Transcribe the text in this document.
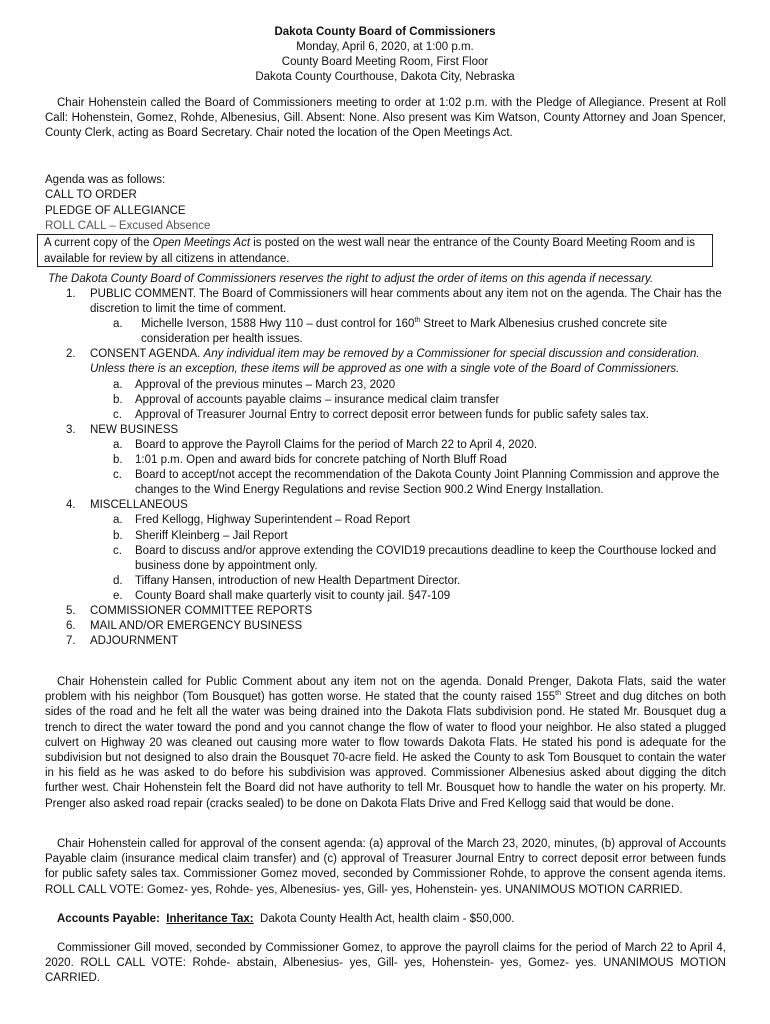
Dakota County Board of Commissioners
Monday, April 6, 2020, at 1:00 p.m.
County Board Meeting Room, First Floor
Dakota County Courthouse, Dakota City, Nebraska

Chair Hohenstein called the Board of Commissioners meeting to order at 1:02 p.m. with the Pledge of Allegiance. Present at Roll Call: Hohenstein, Gomez, Rohde, Albenesius, Gill. Absent: None. Also present was Kim Watson, County Attorney and Joan Spencer, County Clerk, acting as Board Secretary. Chair noted the location of the Open Meetings Act.

Agenda was as follows:
CALL TO ORDER
PLEDGE OF ALLEGIANCE
ROLL CALL – Excused Absence
A current copy of the Open Meetings Act is posted on the west wall near the entrance of the County Board Meeting Room and is available for review by all citizens in attendance.
The Dakota County Board of Commissioners reserves the right to adjust the order of items on this agenda if necessary.
1. PUBLIC COMMENT. The Board of Commissioners will hear comments about any item not on the agenda. The Chair has the discretion to limit the time of comment.
a. Michelle Iverson, 1588 Hwy 110 – dust control for 160th Street to Mark Albenesius crushed concrete site consideration per health issues.
2. CONSENT AGENDA. Any individual item may be removed by a Commissioner for special discussion and consideration. Unless there is an exception, these items will be approved as one with a single vote of the Board of Commissioners.
a. Approval of the previous minutes – March 23, 2020
b. Approval of accounts payable claims – insurance medical claim transfer
c. Approval of Treasurer Journal Entry to correct deposit error between funds for public safety sales tax.
3. NEW BUSINESS
a. Board to approve the Payroll Claims for the period of March 22 to April 4, 2020.
b. 1:01 p.m. Open and award bids for concrete patching of North Bluff Road
c. Board to accept/not accept the recommendation of the Dakota County Joint Planning Commission and approve the changes to the Wind Energy Regulations and revise Section 900.2 Wind Energy Installation.
4. MISCELLANEOUS
a. Fred Kellogg, Highway Superintendent – Road Report
b. Sheriff Kleinberg – Jail Report
c. Board to discuss and/or approve extending the COVID19 precautions deadline to keep the Courthouse locked and business done by appointment only.
d. Tiffany Hansen, introduction of new Health Department Director.
e. County Board shall make quarterly visit to county jail. §47-109
5. COMMISSIONER COMMITTEE REPORTS
6. MAIL AND/OR EMERGENCY BUSINESS
7. ADJOURNMENT

Chair Hohenstein called for Public Comment about any item not on the agenda. Donald Prenger, Dakota Flats, said the water problem with his neighbor (Tom Bousquet) has gotten worse. He stated that the county raised 155th Street and dug ditches on both sides of the road and he felt all the water was being drained into the Dakota Flats subdivision pond. He stated Mr. Bousquet dug a trench to direct the water toward the pond and you cannot change the flow of water to flood your neighbor. He also stated a plugged culvert on Highway 20 was cleaned out causing more water to flow towards Dakota Flats. He stated his pond is adequate for the subdivision but not designed to also drain the Bousquet 70-acre field. He asked the County to ask Tom Bousquet to contain the water in his field as he was asked to do before his subdivision was approved. Commissioner Albenesius asked about digging the ditch further west. Chair Hohenstein felt the Board did not have authority to tell Mr. Bousquet how to handle the water on his property. Mr. Prenger also asked road repair (cracks sealed) to be done on Dakota Flats Drive and Fred Kellogg said that would be done.

Chair Hohenstein called for approval of the consent agenda: (a) approval of the March 23, 2020, minutes, (b) approval of Accounts Payable claim (insurance medical claim transfer) and (c) approval of Treasurer Journal Entry to correct deposit error between funds for public safety sales tax. Commissioner Gomez moved, seconded by Commissioner Rohde, to approve the consent agenda items. ROLL CALL VOTE: Gomez- yes, Rohde- yes, Albenesius- yes, Gill- yes, Hohenstein- yes. UNANIMOUS MOTION CARRIED.

Accounts Payable: Inheritance Tax: Dakota County Health Act, health claim - $50,000.

Commissioner Gill moved, seconded by Commissioner Gomez, to approve the payroll claims for the period of March 22 to April 4, 2020. ROLL CALL VOTE: Rohde- abstain, Albenesius- yes, Gill- yes, Hohenstein- yes, Gomez- yes. UNANIMOUS MOTION CARRIED.
